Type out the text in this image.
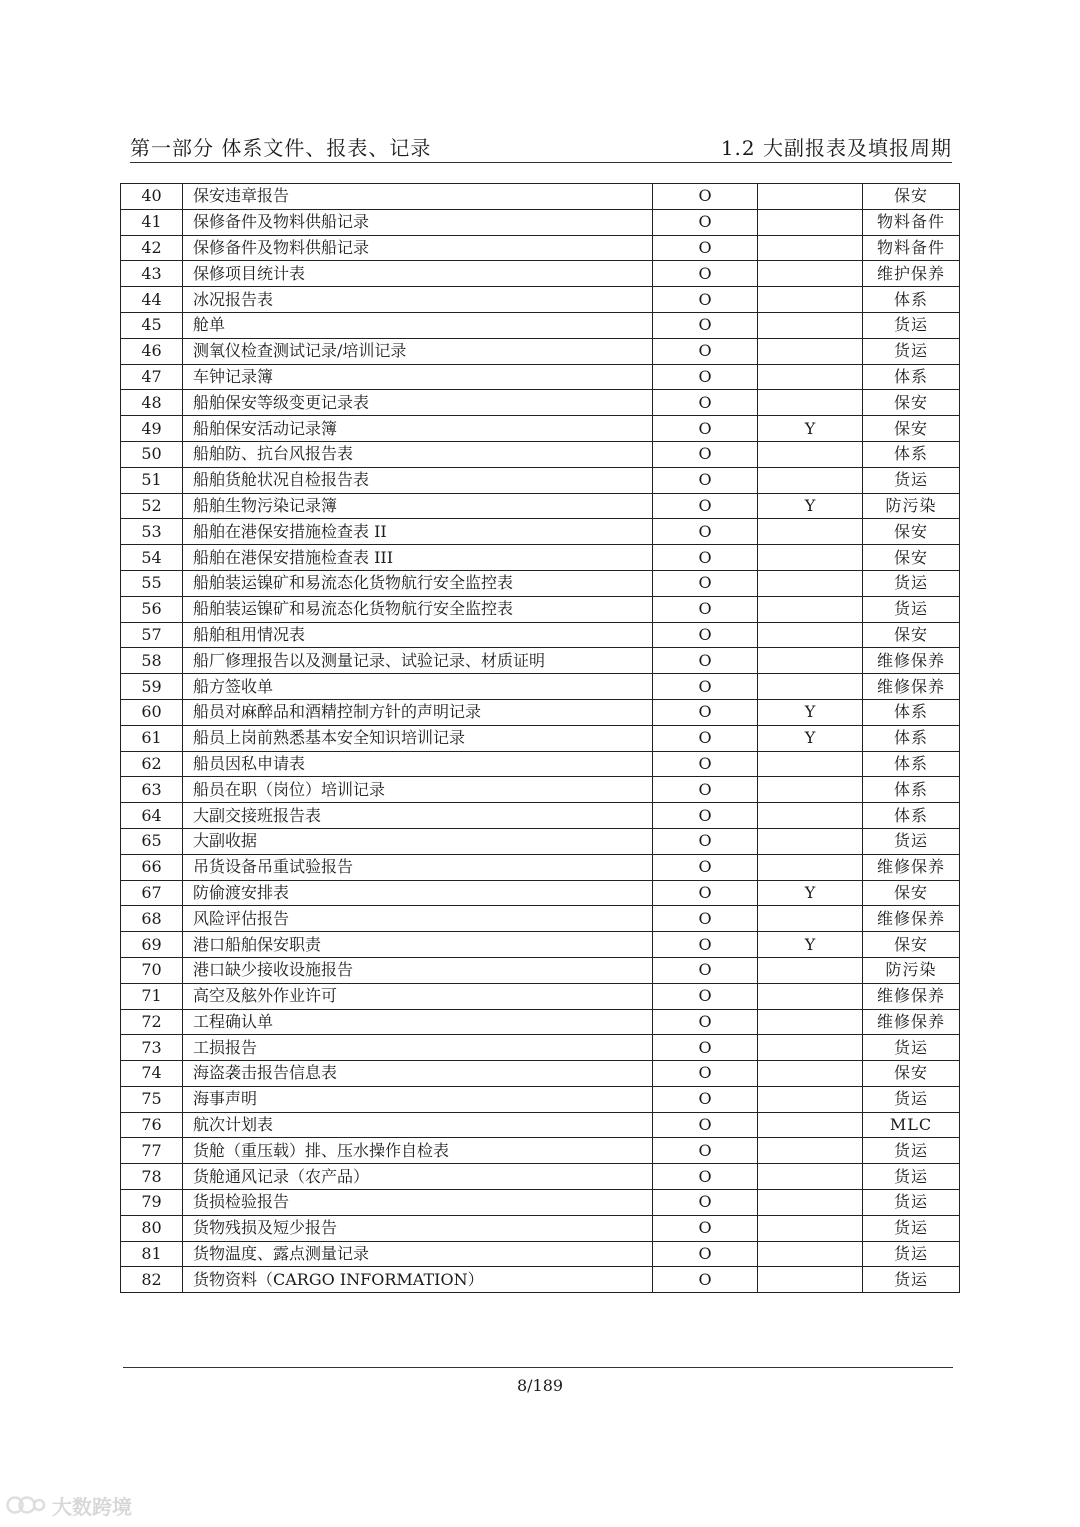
第一部分 体系文件、报表、记录	1.2 大副报表及填报周期
40	保安违章报告	O		保安
41	保修备件及物料供船记录	O		物料备件
42	保修备件及物料供船记录	O		物料备件
43	保修项目统计表	O		维护保养
44	冰况报告表	O		体系
45	舱单	O		货运
46	测氧仪检查测试记录/培训记录	O		货运
47	车钟记录簿	O		体系
48	船舶保安等级变更记录表	O		保安
49	船舶保安活动记录簿	O	Y	保安
50	船舶防、抗台风报告表	O		体系
51	船舶货舱状况自检报告表	O		货运
52	船舶生物污染记录簿	O	Y	防污染
53	船舶在港保安措施检查表 II	O		保安
54	船舶在港保安措施检查表 III	O		保安
55	船舶装运镍矿和易流态化货物航行安全监控表	O		货运
56	船舶装运镍矿和易流态化货物航行安全监控表	O		货运
57	船舶租用情况表	O		保安
58	船厂修理报告以及测量记录、试验记录、材质证明	O		维修保养
59	船方签收单	O		维修保养
60	船员对麻醉品和酒精控制方针的声明记录	O	Y	体系
61	船员上岗前熟悉基本安全知识培训记录	O	Y	体系
62	船员因私申请表	O		体系
63	船员在职（岗位）培训记录	O		体系
64	大副交接班报告表	O		体系
65	大副收据	O		货运
66	吊货设备吊重试验报告	O		维修保养
67	防偷渡安排表	O	Y	保安
68	风险评估报告	O		维修保养
69	港口船舶保安职责	O	Y	保安
70	港口缺少接收设施报告	O		防污染
71	高空及舷外作业许可	O		维修保养
72	工程确认单	O		维修保养
73	工损报告	O		货运
74	海盗袭击报告信息表	O		保安
75	海事声明	O		货运
76	航次计划表	O		MLC
77	货舱（重压载）排、压水操作自检表	O		货运
78	货舱通风记录（农产品）	O		货运
79	货损检验报告	O		货运
80	货物残损及短少报告	O		货运
81	货物温度、露点测量记录	O		货运
82	货物资料（CARGO INFORMATION）	O		货运
8/189
大数跨境
